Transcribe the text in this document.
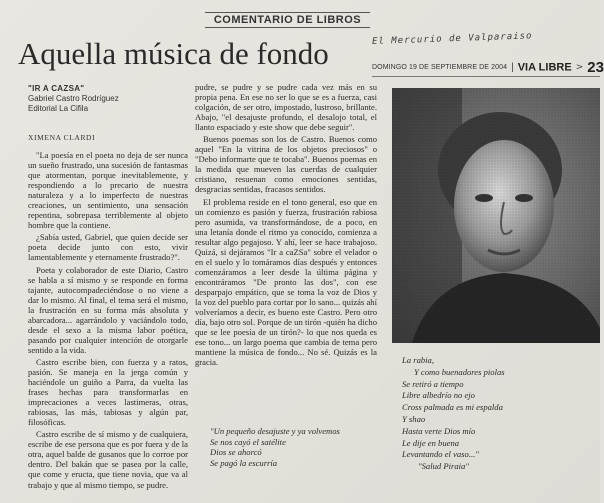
COMENTARIO DE LIBROS
Aquella música de fondo	El Mercurio de Valparaiso
DOMINGO 19 DE SEPTIEMBRE DE 2004 | VIA LIBRE > 23
"IR A CAZSA"
Gabriel Castro Rodríguez
Editorial La Cifila
XIMENA CLARDI

"La poesía en el poeta no deja de ser nunca un sueño frustrado, una sucesión de fantasmas que atormentan, porque inevitablemente, y respondiendo a lo precario de nuestra naturaleza y a lo imperfecto de nuestras creaciones, un sentimiento, una sensación repentina, sobrepasa terriblemente al objeto hombre que la contiene.

¿Sabía usted, Gabriel, que quien decide ser poeta decide junto con esto, vivir lamentablemente y eternamente frustrado?".

Poeta y colaborador de este Diario, Castro se habla a sí mismo y se responde en forma tajante, autocompadeciéndose o no viene a dar lo mismo. Al final, el tema será el mismo, la frustración en su forma más absoluta y abarcadora... agarrándolo y vaciándolo todo, desde el sexo a la misma labor poética, pasando por cualquier intención de otorgarle sentido a la vida.

Castro escribe bien, con fuerza y a ratos, pasión. Se maneja en la jerga común y haciéndole un guiño a Parra, da vuelta las frases hechas para transformarlas en imprecaciones a veces lastimeras, otras, rabiosas, las más, tabiosas y algún par, filosóficas.

Castro escribe de sí mismo y de cualquiera, escribe de ese persona que es por fuera y de la otra, aquel balde de gusanos que lo corroe por dentro. Del bakán que se pasea por la calle, que come y eructa, que tiene novia, que va al trabajo y que al mismo tiempo, se pudre.

pudre, se pudre y se pudre cada vez más en su propia pena. En ese no ser lo que se es a fuerza, casi colgación, de ser otro, impostado, lustroso, brillante. Abajo, "el desajuste profundo, el desalojo total, el llanto espaciado y este show que debe seguir".

Buenos poemas son los de Castro. Buenos como aquel "En la vitrina de los objetos preciosos" o "Debo informarte que te tocaba". Buenos poemas en la medida que mueven las cuerdas de cualquier cristiano, resuenan como emociones sentidas, desgracias sentidas, fracasos sentidos.

El problema reside en el tono general, eso que en un comienzo es pasión y fuerza, frustración rabiosa pero asumida, va transformándose, de a poco, en una letanía donde el ritmo ya conocido, comienza a resultar algo pegajoso. Y ahí, leer se hace trabajoso. Quizá, si dejáramos "Ir a caZSa" sobre el velador o en el suelo y lo tomáramos días después y entonces comenzáramos a leer desde la última página y encontráramos "De pronto las dos", con ese desparpajo empático, que se toma la voz de Dios y la voz del pueblo para cortar por lo sano... quizás ahí volveríamos a decir, es bueno este Castro. Pero otro día, bajo otro sol. Porque de un tirón -quién ha dicho que se lee poesía de un tirón?- lo que nos queda es ese tono... un largo poema que cambia de tema pero mantiene la música de fondo... No sé. Quizás es la gracia.

"Un pequeño desajuste y ya volvemos
Se nos cayó el satélite
Dios se ahorcó
Se pagó la escurría
La rabia,
Y como buenadores piolas
Se retiró a tiempo
Libre albedrío no ejo
Cross palmada es mi espalda
Y shao
Hasta verte Dios mío
Le dije en buena
Levantando el vaso..."
"Salud Piraia"
